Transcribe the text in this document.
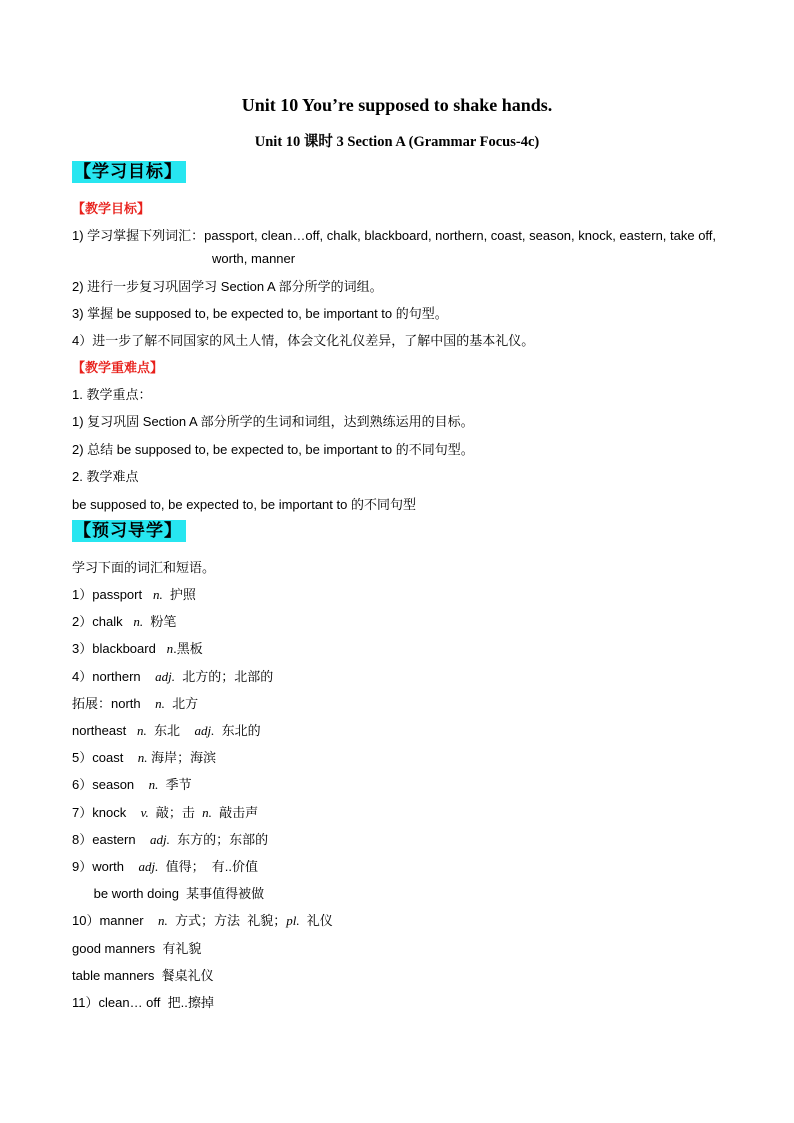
Unit 10 You’re supposed to shake hands.
Unit 10 课时 3 Section A (Grammar Focus-4c)
【学习目标】
【教学目标】
1) 学习掌握下列词汇：passport, clean…off, chalk, blackboard, northern, coast, season, knock, eastern, take off,
worth, manner
2) 进行一步复习巩固学习 Section A 部分所学的词组。
3) 掌握 be supposed to, be expected to, be important to 的句型。
4）进一步了解不同国家的风土人情，体会文化礼仪差异，了解中国的基本礼仪。
【教学重难点】
1. 教学重点：
1) 复习巩固 Section A 部分所学的生词和词组，达到熟练运用的目标。
2) 总结 be supposed to, be expected to, be important to 的不同句型。
2. 教学难点
be supposed to, be expected to, be important to 的不同句型
【预习导学】
学习下面的词汇和短语。
1）passport   n.  护照
2）chalk   n.  粉笔
3）blackboard   n.黑板
4）northern    adj.  北方的；北部的
拓展：north    n.  北方
northeast   n.  东北    adj.  东北的
5）coast    n. 海岸；海滨
6）season    n.  季节
7）knock    v.  敲；击  n.  敲击声
8）eastern    adj.  东方的；东部的
9）worth    adj.  值得；  有..价值
be worth doing  某事值得被做
10）manner    n.  方式；方法  礼貌；pl.  礼仪
good manners  有礼貌
table manners  餐桌礼仪
11）clean… off  把..擦掉
